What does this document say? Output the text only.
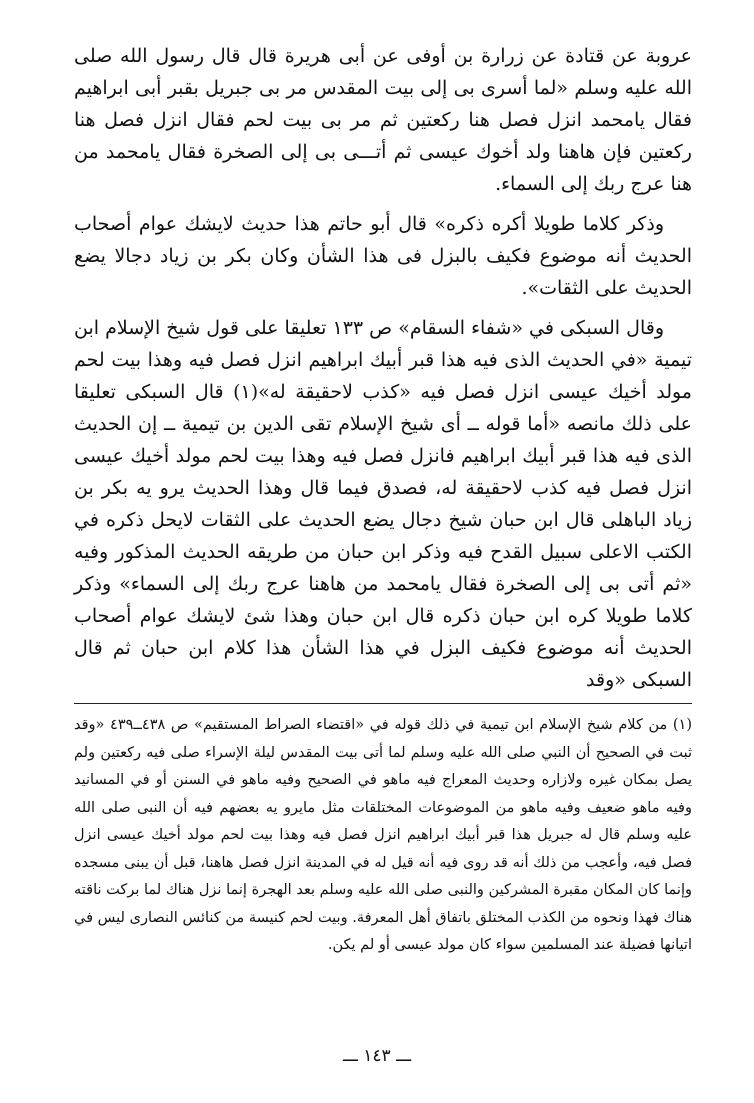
عروبة عن قتادة عن زرارة بن أوفى عن أبى هريرة قال قال رسول الله صلى الله عليه وسلم «لما أسرى بى إلى بيت المقدس مر بى جبريل بقبر أبى ابراهيم فقال يامحمد انزل فصل هنا ركعتين ثم مر بى بيت لحم فقال انزل فصل هنا ركعتين فإن هاهنا ولد أخوك عيسى ثم أتـــى بى إلى الصخرة فقال يامحمد من هنا عرج ربك إلى السماء.

وذكر كلاما طويلا أكره ذكره» قال أبو حاتم هذا حديث لايشك عوام أصحاب الحديث أنه موضوع فكيف بالبزل فى هذا الشأن وكان بكر بن زياد دجالا يضع الحديث على الثقات».

وقال السبكى في «شفاء السقام» ص ١٣٣ تعليقا على قول شيخ الإسلام ابن تيمية «في الحديث الذى فيه هذا قبر أبيك ابراهيم انزل فصل فيه وهذا بيت لحم مولد أخيك عيسى انزل فصل فيه «كذب لاحقيقة له»(١) قال السبكى تعليقا على ذلك مانصه «أما قوله ــ أى شيخ الإسلام تقى الدين بن تيمية ــ إن الحديث الذى فيه هذا قبر أبيك ابراهيم فانزل فصل فيه وهذا بيت لحم مولد أخيك عيسى انزل فصل فيه كذب لاحقيقة له، فصدق فيما قال وهذا الحديث يرو يه بكر بن زياد الباهلى قال ابن حبان شيخ دجال يضع الحديث على الثقات لايحل ذكره في الكتب الاعلى سبيل القدح فيه وذكر ابن حبان من طريقه الحديث المذكور وفيه «ثم أتى بى إلى الصخرة فقال يامحمد من هاهنا عرج ربك إلى السماء» وذكر كلاما طويلا كره ابن حبان ذكره قال ابن حبان وهذا شئ لايشك عوام أصحاب الحديث أنه موضوع فكيف البزل في هذا الشأن هذا كلام ابن حبان ثم قال السبكى «وقد

(١) من كلام شيخ الإسلام ابن تيمية في ذلك قوله في «اقتضاء الصراط المستقيم» ص ٤٣٨ــ٤٣٩ «وقد ثبت في الصحيح أن النبي صلى الله عليه وسلم لما أتى بيت المقدس ليلة الإسراء صلى فيه ركعتين ولم يصل بمكان غيره ولازاره وحديث المعراج فيه ماهو في الصحيح وفيه ماهو في السنن أو في المسانيد وفيه ماهو ضعيف وفيه ماهو من الموضوعات المختلقات مثل مايرو يه بعضهم فيه أن النبى صلى الله عليه وسلم قال له جبريل هذا قبر أبيك ابراهيم انزل فصل فيه وهذا بيت لحم مولد أخيك عيسى انزل فصل فيه، وأعجب من ذلك أنه قد روى فيه أنه قيل له في المدينة انزل فصل هاهنا، قبل أن يبنى مسجده وإنما كان المكان مقبرة المشركين والنبى صلى الله عليه وسلم بعد الهجرة إنما نزل هناك لما بركت ناقته هناك فهذا ونحوه من الكذب المختلق باتفاق أهل المعرفة. وبيت لحم كنيسة من كنائس النصارى ليس في اتيانها فضيلة عند المسلمين سواء كان مولد عيسى أو لم يكن.
ـــ ١٤٣ ـــ
